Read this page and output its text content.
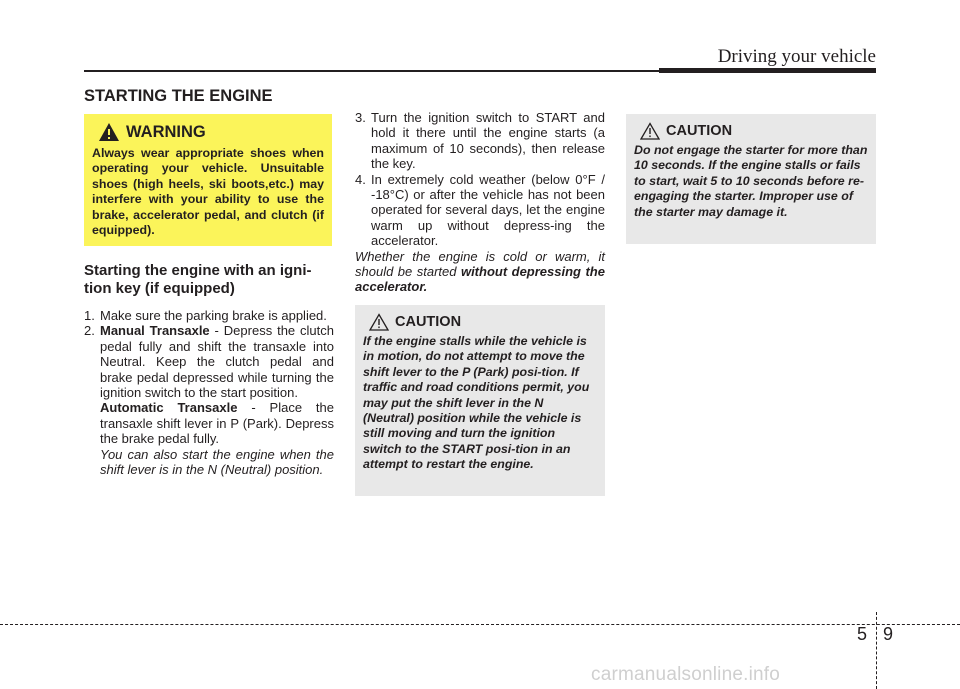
Driving your vehicle
STARTING THE ENGINE
WARNING
Always wear appropriate shoes when operating your vehicle. Unsuitable shoes (high heels, ski boots,etc.) may interfere with your ability to use the brake, accelerator pedal, and clutch (if equipped).
Starting the engine with an igni-tion key (if equipped)
1. Make sure the parking brake is applied.
2. Manual Transaxle - Depress the clutch pedal fully and shift the transaxle into Neutral. Keep the clutch pedal and brake pedal depressed while turning the ignition switch to the start position.
Automatic Transaxle - Place the transaxle shift lever in P (Park). Depress the brake pedal fully.
You can also start the engine when the shift lever is in the N (Neutral) position.
3. Turn the ignition switch to START and hold it there until the engine starts (a maximum of 10 seconds), then release the key.
4. In extremely cold weather (below 0°F / -18°C) or after the vehicle has not been operated for several days, let the engine warm up without depress-ing the accelerator.
Whether the engine is cold or warm, it should be started without depressing the accelerator.
CAUTION
If the engine stalls while the vehicle is in motion, do not attempt to move the shift lever to the P (Park) posi-tion. If traffic and road conditions permit, you may put the shift lever in the N (Neutral) position while the vehicle is still moving and turn the ignition switch to the START posi-tion in an attempt to restart the engine.
CAUTION
Do not engage the starter for more than 10 seconds. If the engine stalls or fails to start, wait 5 to 10 seconds before re-engaging the starter. Improper use of the starter may damage it.
5 9
carmanualsonline.info
